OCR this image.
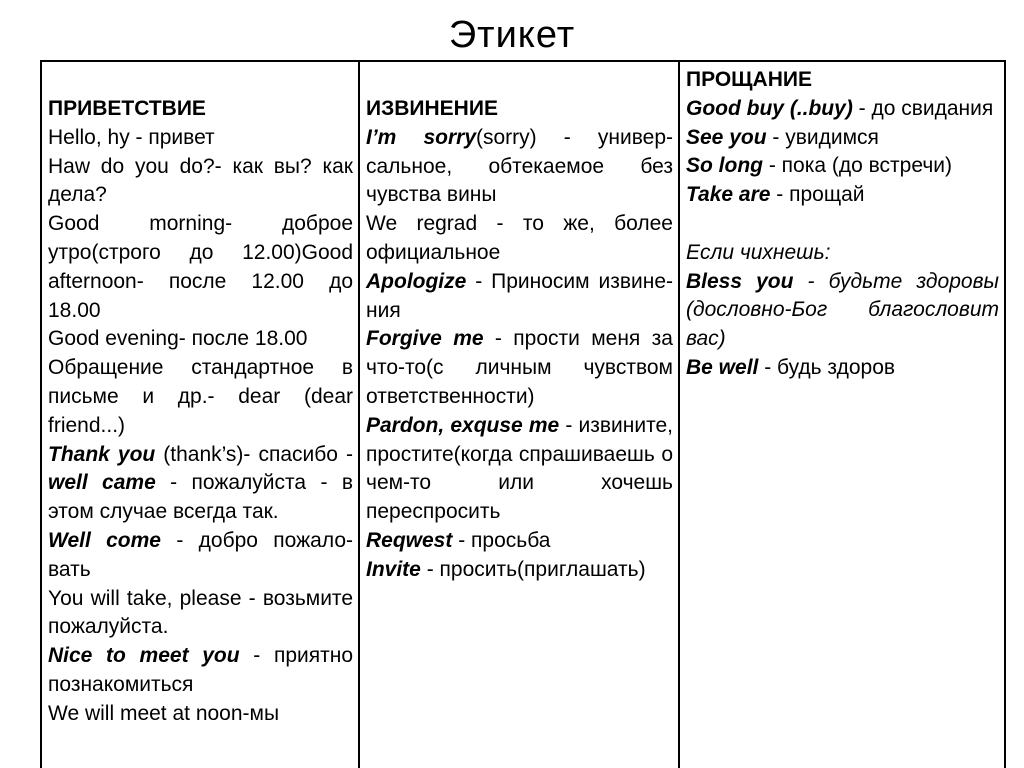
Этикет
ПРИВЕТСТВИЕ
Hello, hy - привет
Haw do you do?- как вы? как дела?
Good morning- доброе утро(строго до 12.00)Good afternoon- после 12.00 до 18.00
Good evening- после 18.00
Обращение стандартное в письме и др.- dear (dear friend...)
Thank you (thank’s)- спасибо - well came - пожалуйста - в этом случае всегда так.
Well come - добро пожало-вать
You will take, please - возьмите пожалуйста.
Nice to meet you - приятно познакомиться
We will meet at noon-мы

ИЗВИНЕНИЕ
I’m sorry(sorry) - универ-сальное, обтекаемое без чувства вины
We regrad - то же, более официальное
Apologize - Приносим извине-ния
Forgive me - прости меня за что-то(с личным чувством ответственности)
Pardon, exquse me - извините, простите(когда спрашиваешь о чем-то или хочешь переспросить
Reqwest - просьба
Invite - просить(приглашать)

ПРОЩАНИЕ
Good buy (..buy) - до свидания
See you - увидимся
So long - пока (до встречи)
Take are - прощай
Если чихнешь:
Bless you - будьте здоровы (дословно-Бог благословит вас)
Be well - будь здоров
